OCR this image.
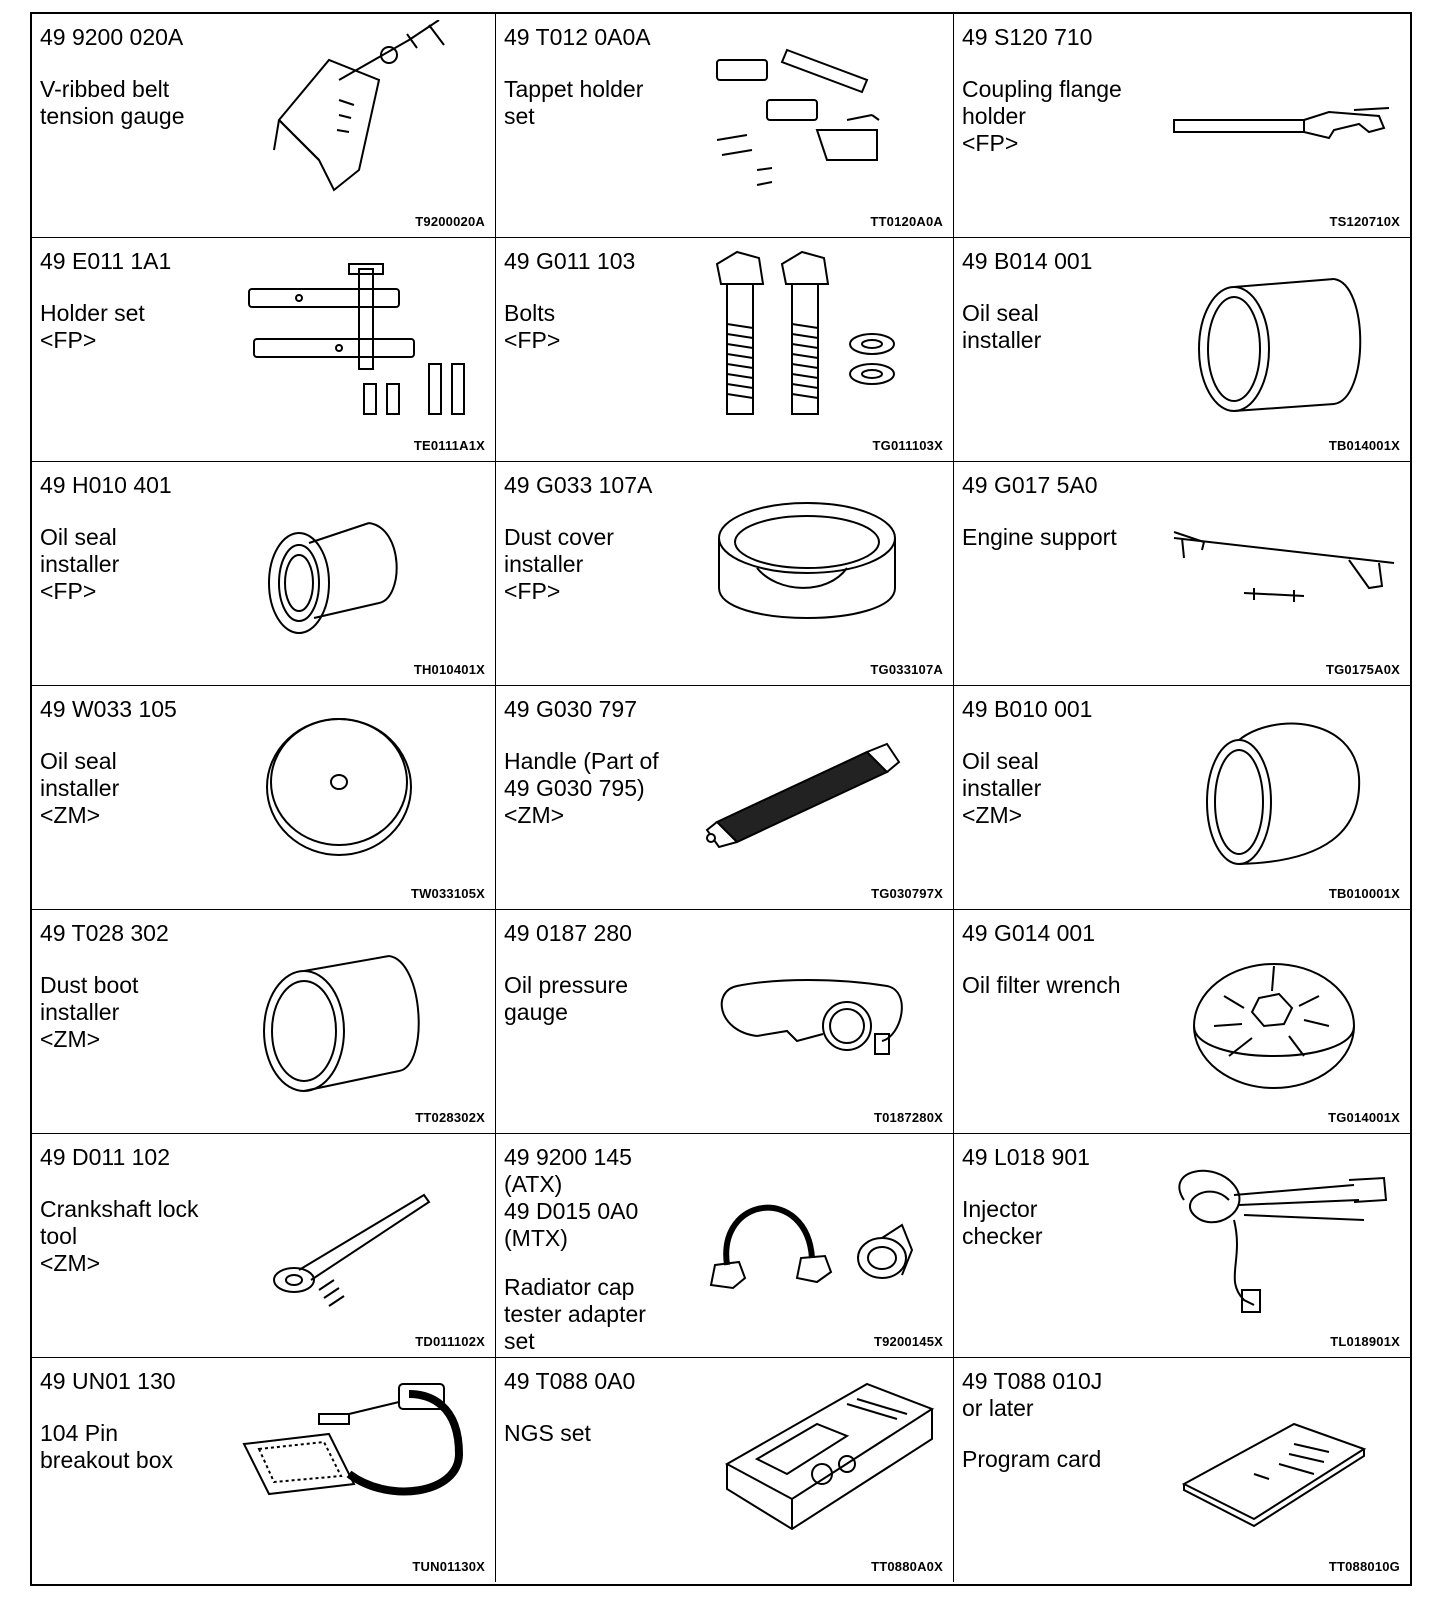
49 9200 020A
V-ribbed belt
tension gauge
T9200020A
49 T012 0A0A
Tappet holder
set
TT0120A0A
49 S120 710
Coupling flange
holder
<FP>
TS120710X
49 E011 1A1
Holder set
<FP>
TE0111A1X
49 G011 103
Bolts
<FP>
TG011103X
49 B014 001
Oil seal
installer
TB014001X
49 H010 401
Oil seal
installer
<FP>
TH010401X
49 G033 107A
Dust cover
installer
<FP>
TG033107A
49 G017 5A0
Engine support
TG0175A0X
49 W033 105
Oil seal
installer
<ZM>
TW033105X
49 G030 797
Handle (Part of
49 G030 795)
<ZM>
TG030797X
49 B010 001
Oil seal
installer
<ZM>
TB010001X
49 T028 302
Dust boot
installer
<ZM>
TT028302X
49 0187 280
Oil pressure
gauge
T0187280X
49 G014 001
Oil filter wrench
TG014001X
49 D011 102
Crankshaft lock
tool
<ZM>
TD011102X
49 9200 145
(ATX)
49 D015 0A0
(MTX)
Radiator cap
tester adapter
set	T9200145X
49 L018 901
Injector
checker
TL018901X
49 UN01 130
104 Pin
breakout box
TUN01130X
49 T088 0A0
NGS set
TT0880A0X
49 T088 010J
or later
Program card
TT088010G
